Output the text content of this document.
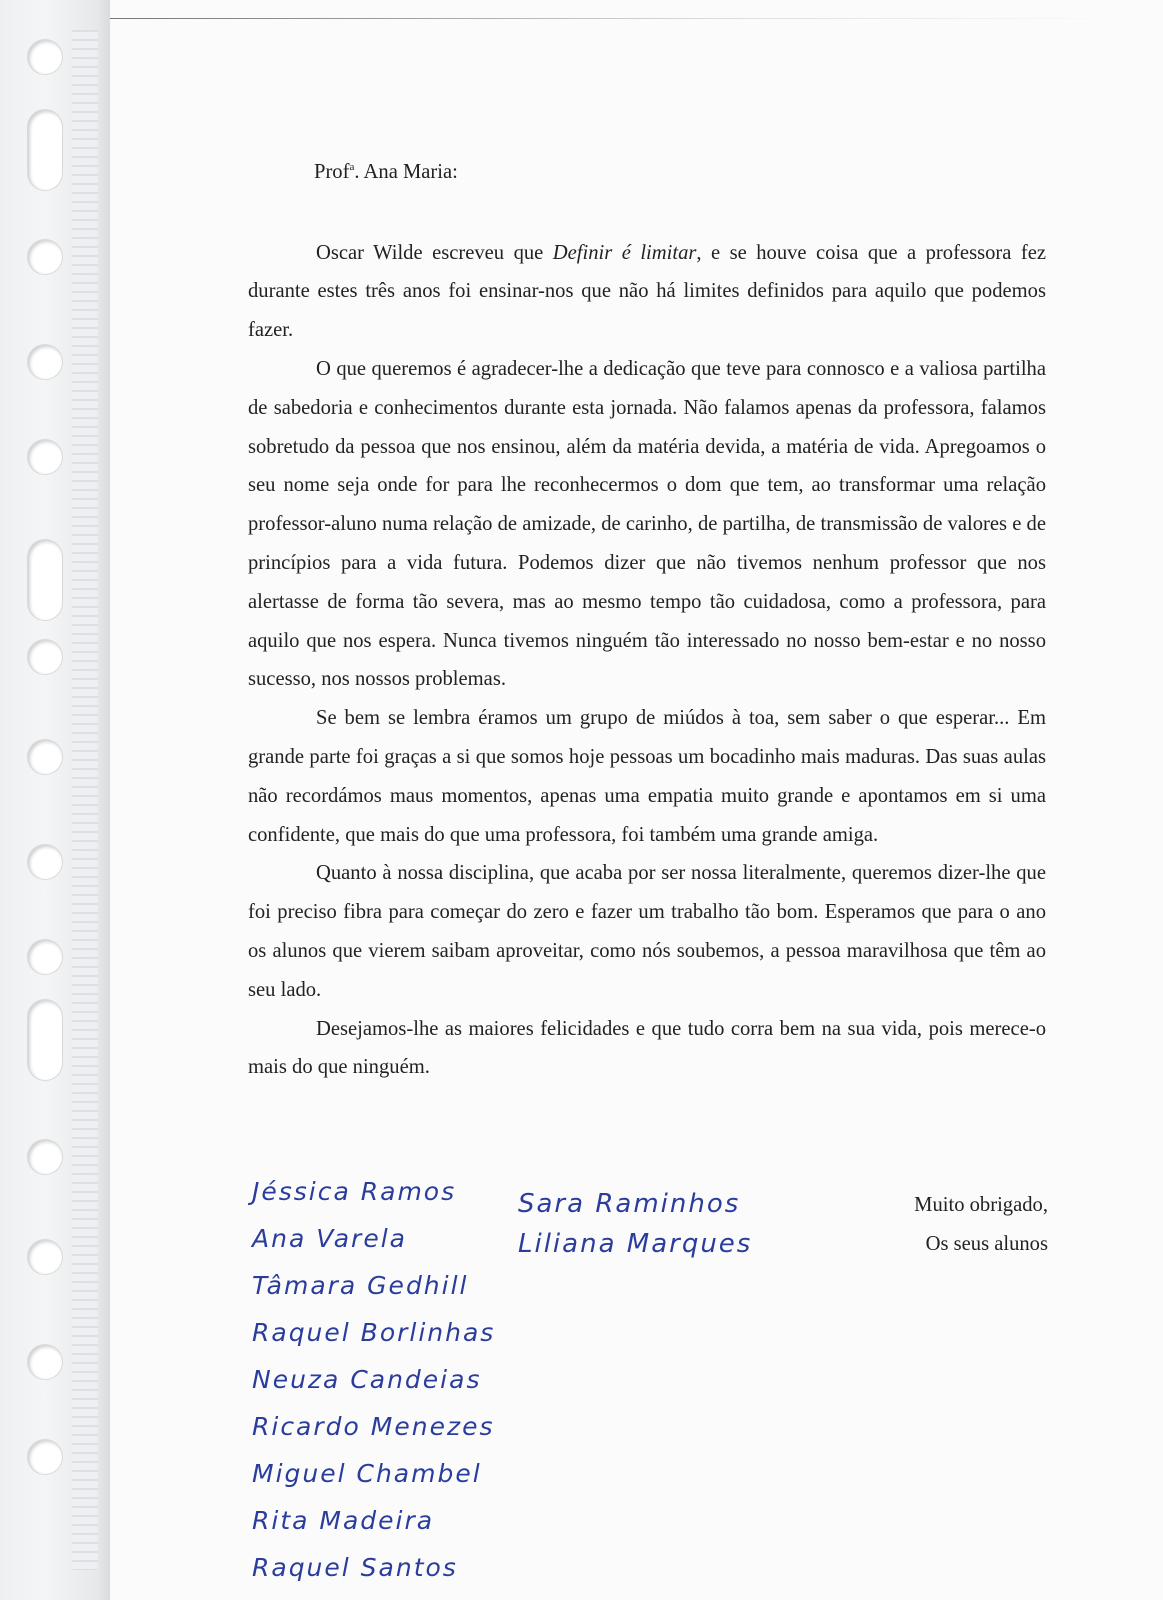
Prof$^a$. Ana Maria:

Oscar Wilde escreveu que Definir é limitar, e se houve coisa que a professora fez durante estes três anos foi ensinar-nos que não há limites definidos para aquilo que podemos fazer.

O que queremos é agradecer-lhe a dedicação que teve para connosco e a valiosa partilha de sabedoria e conhecimentos durante esta jornada. Não falamos apenas da professora, falamos sobretudo da pessoa que nos ensinou, além da matéria devida, a matéria de vida. Apregoamos o seu nome seja onde for para lhe reconhecermos o dom que tem, ao transformar uma relação professor-aluno numa relação de amizade, de carinho, de partilha, de transmissão de valores e de princípios para a vida futura. Podemos dizer que não tivemos nenhum professor que nos alertasse de forma tão severa, mas ao mesmo tempo tão cuidadosa, como a professora, para aquilo que nos espera. Nunca tivemos ninguém tão interessado no nosso bem-estar e no nosso sucesso, nos nossos problemas.

Se bem se lembra éramos um grupo de miúdos à toa, sem saber o que esperar... Em grande parte foi graças a si que somos hoje pessoas um bocadinho mais maduras. Das suas aulas não recordámos maus momentos, apenas uma empatia muito grande e apontamos em si uma confidente, que mais do que uma professora, foi também uma grande amiga.

Quanto à nossa disciplina, que acaba por ser nossa literalmente, queremos dizer-lhe que foi preciso fibra para começar do zero e fazer um trabalho tão bom. Esperamos que para o ano os alunos que vierem saibam aproveitar, como nós soubemos, a pessoa maravilhosa que têm ao seu lado.

Desejamos-lhe as maiores felicidades e que tudo corra bem na sua vida, pois merece-o mais do que ninguém.

Jéssica Ramos
Ana Varela
Tâmara Gedhill
Raquel Borlinhas
Neuza Candeias
Ricardo Menezes
Miguel Chambel
Rita Madeira
Raquel Santos
Sara Raminhos
Liliana Marques
Muito obrigado,
Os seus alunos
